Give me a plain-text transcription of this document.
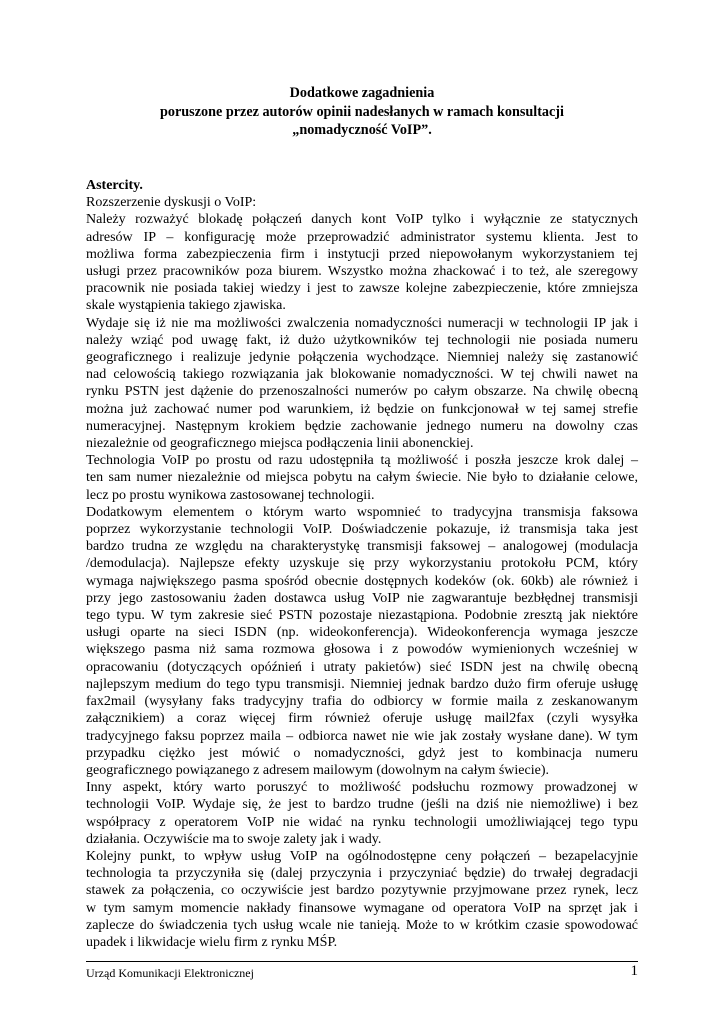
Dodatkowe zagadnienia
poruszone przez autorów opinii nadesłanych w ramach konsultacji
„nomadyczność VoIP”.
Astercity.
Rozszerzenie dyskusji o VoIP:
Należy rozważyć blokadę połączeń danych kont VoIP tylko i wyłącznie ze statycznych
adresów IP – konfigurację może przeprowadzić administrator systemu klienta. Jest to
możliwa forma zabezpieczenia firm i instytucji przed niepowołanym wykorzystaniem tej
usługi przez pracowników poza biurem. Wszystko można zhackować i to też, ale szeregowy
pracownik nie posiada takiej wiedzy i jest to zawsze kolejne zabezpieczenie, które zmniejsza
skale wystąpienia takiego zjawiska.
Wydaje się iż nie ma możliwości zwalczenia nomadyczności numeracji w technologii IP jak i
należy wziąć pod uwagę fakt, iż dużo użytkowników tej technologii nie posiada numeru
geograficznego i realizuje jedynie połączenia wychodzące. Niemniej należy się zastanowić
nad celowością takiego rozwiązania jak blokowanie nomadyczności. W tej chwili nawet na
rynku PSTN jest dążenie do przenoszalności numerów po całym obszarze. Na chwilę obecną
można już zachować numer pod warunkiem, iż będzie on funkcjonował w tej samej strefie
numeracyjnej. Następnym krokiem będzie zachowanie jednego numeru na dowolny czas
niezależnie od geograficznego miejsca podłączenia linii abonenckiej.
Technologia VoIP po prostu od razu udostępniła tą możliwość i poszła jeszcze krok dalej –
ten sam numer niezależnie od miejsca pobytu na całym świecie. Nie było to działanie celowe,
lecz po prostu wynikowa zastosowanej technologii.
Dodatkowym elementem o którym warto wspomnieć to tradycyjna transmisja faksowa
poprzez wykorzystanie technologii VoIP. Doświadczenie pokazuje, iż transmisja taka jest
bardzo trudna ze względu na charakterystykę transmisji faksowej – analogowej (modulacja
/demodulacja). Najlepsze efekty uzyskuje się przy wykorzystaniu protokołu PCM, który
wymaga największego pasma spośród obecnie dostępnych kodeków (ok. 60kb) ale również i
przy jego zastosowaniu żaden dostawca usług VoIP nie zagwarantuje bezbłędnej transmisji
tego typu. W tym zakresie sieć PSTN pozostaje niezastąpiona. Podobnie zresztą jak niektóre
usługi oparte na sieci ISDN (np. wideokonferencja). Wideokonferencja wymaga jeszcze
większego pasma niż sama rozmowa głosowa i z powodów wymienionych wcześniej w
opracowaniu (dotyczących opóźnień i utraty pakietów) sieć ISDN jest na chwilę obecną
najlepszym medium do tego typu transmisji. Niemniej jednak bardzo dużo firm oferuje usługę
fax2mail (wysyłany faks tradycyjny trafia do odbiorcy w formie maila z zeskanowanym
załącznikiem) a coraz więcej firm również oferuje usługę mail2fax (czyli wysyłka
tradycyjnego faksu poprzez maila – odbiorca nawet nie wie jak zostały wysłane dane). W tym
przypadku ciężko jest mówić o nomadyczności, gdyż jest to kombinacja numeru
geograficznego powiązanego z adresem mailowym (dowolnym na całym świecie).
Inny aspekt, który warto poruszyć to możliwość podsłuchu rozmowy prowadzonej w
technologii VoIP. Wydaje się, że jest to bardzo trudne (jeśli na dziś nie niemożliwe) i bez
współpracy z operatorem VoIP nie widać na rynku technologii umożliwiającej tego typu
działania. Oczywiście ma to swoje zalety jak i wady.
Kolejny punkt, to wpływ usług VoIP na ogólnodostępne ceny połączeń – bezapelacyjnie
technologia ta przyczyniła się (dalej przyczynia i przyczyniać będzie) do trwałej degradacji
stawek za połączenia, co oczywiście jest bardzo pozytywnie przyjmowane przez rynek, lecz
w tym samym momencie nakłady finansowe wymagane od operatora VoIP na sprzęt jak i
zaplecze do świadczenia tych usług wcale nie tanieją. Może to w krótkim czasie spowodować
upadek i likwidacje wielu firm z rynku MŚP.
Urząd Komunikacji Elektronicznej	1
